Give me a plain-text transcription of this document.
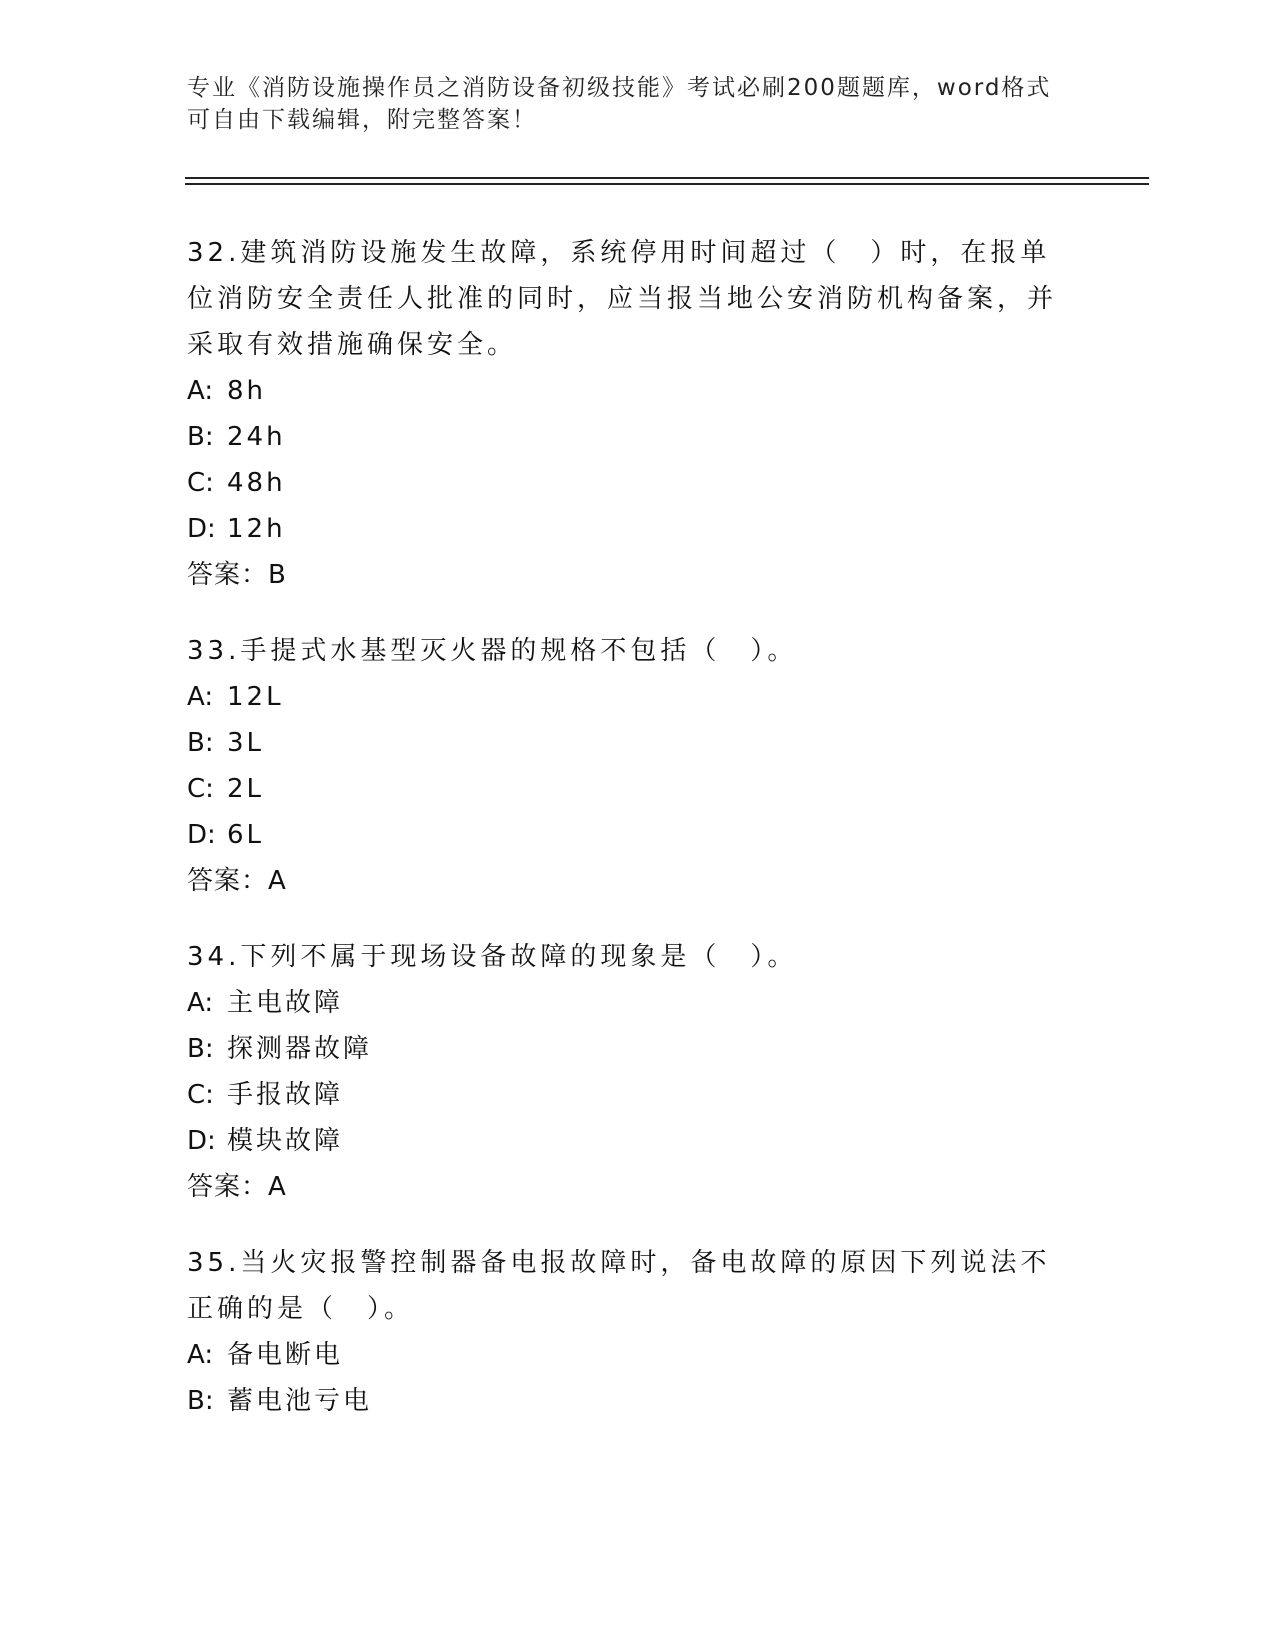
专业《消防设施操作员之消防设备初级技能》考试必刷200题题库，word格式可自由下载编辑，附完整答案！

32.建筑消防设施发生故障，系统停用时间超过（　）时，在报单位消防安全责任人批准的同时，应当报当地公安消防机构备案，并采取有效措施确保安全。

A: 8h

B: 24h

C: 48h

D: 12h

答案：B

33.手提式水基型灭火器的规格不包括（　）。

A: 12L

B: 3L

C: 2L

D: 6L

答案：A

34.下列不属于现场设备故障的现象是（　）。

A: 主电故障

B: 探测器故障

C: 手报故障

D: 模块故障

答案：A

35.当火灾报警控制器备电报故障时，备电故障的原因下列说法不正确的是（　）。

A: 备电断电

B: 蓄电池亏电
